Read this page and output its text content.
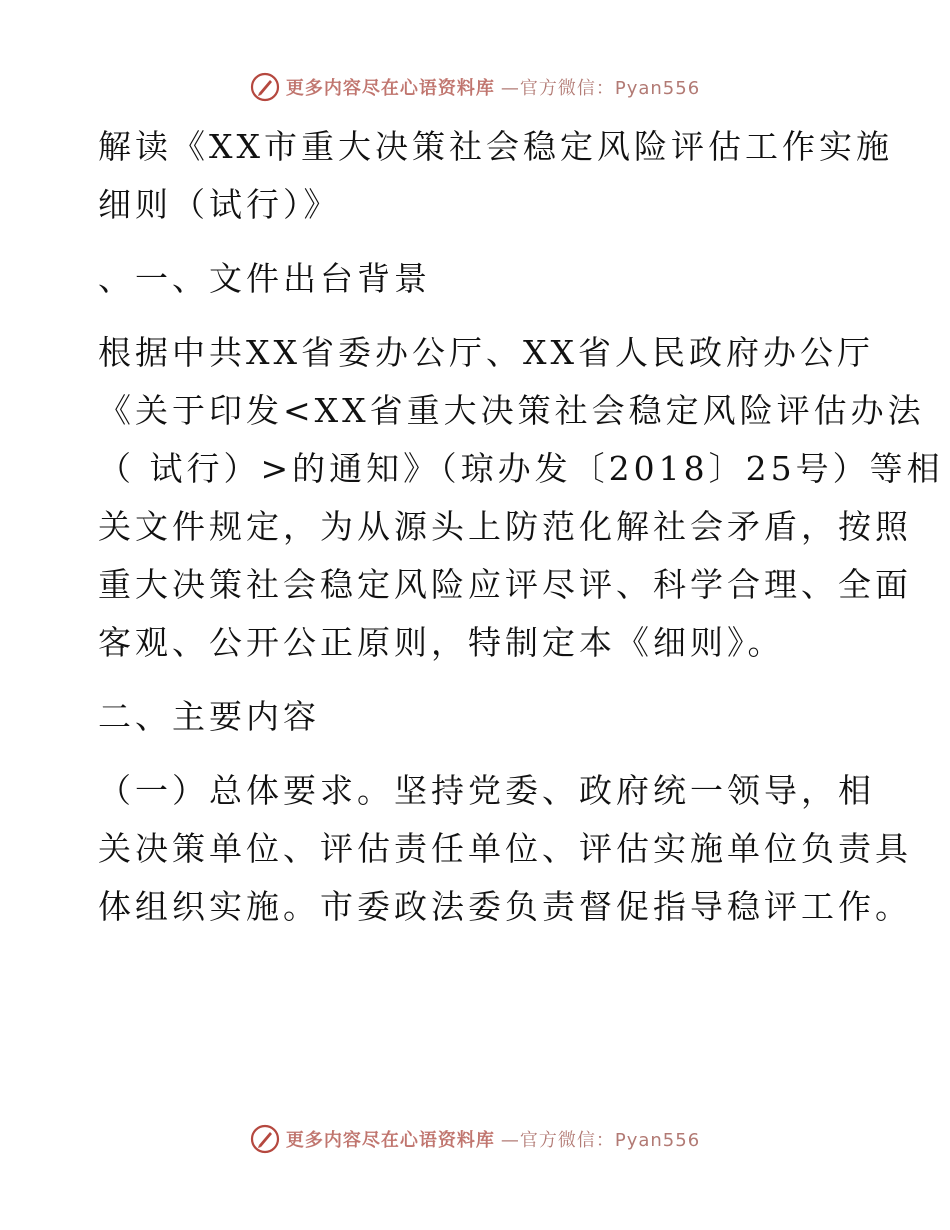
更多内容尽在心语资料库 —官方微信：Pyan556
解读《XX市重大决策社会稳定风险评估工作实施
细则（试行）》
、一、文件出台背景
根据中共XX省委办公厅、XX省人民政府办公厅
《关于印发<XX省重大决策社会稳定风险评估办法
（ 试行）>的通知》（琼办发〔2018〕25号）等相
关文件规定，为从源头上防范化解社会矛盾，按照
重大决策社会稳定风险应评尽评、科学合理、全面
客观、公开公正原则，特制定本《细则》。
二、主要内容
（一）总体要求。坚持党委、政府统一领导，相
关决策单位、评估责任单位、评估实施单位负责具
体组织实施。市委政法委负责督促指导稳评工作。
更多内容尽在心语资料库 —官方微信：Pyan556
